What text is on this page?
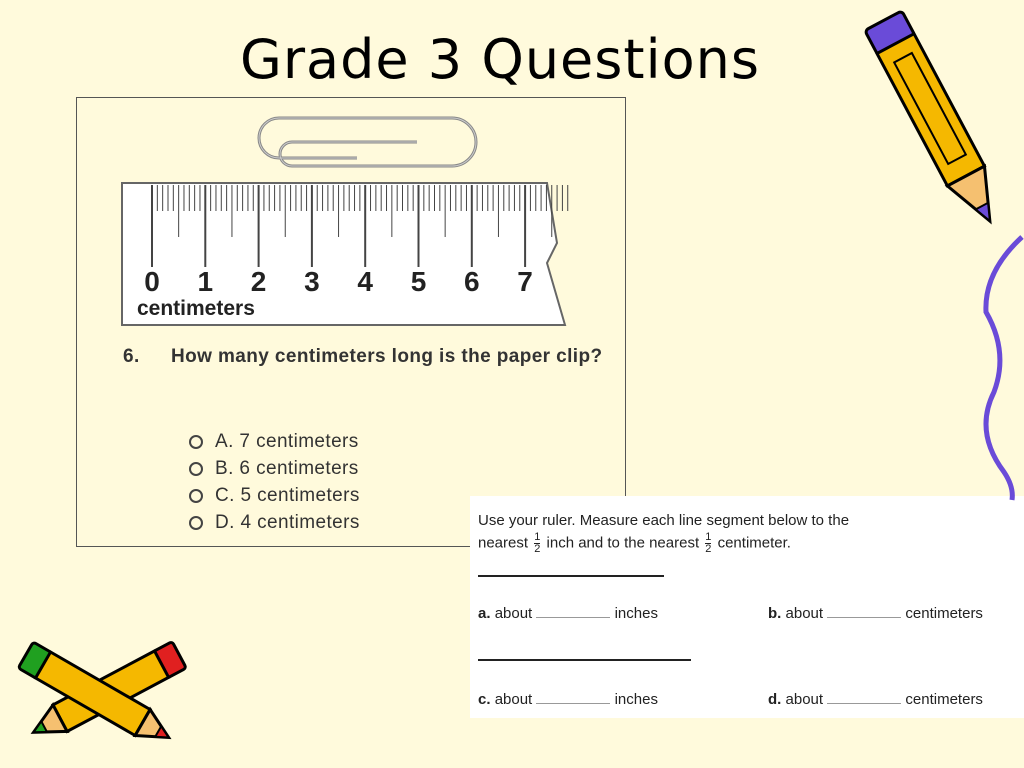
Grade 3 Questions
0 1 2 3 4 5 6 7
centimeters
6. How many centimeters long is the paper clip?
A. 7 centimeters
B. 6 centimeters
C. 5 centimeters
D. 4 centimeters	Use your ruler. Measure each line segment below to the
nearest $\frac{1}{2}$ inch and to the nearest $\frac{1}{2}$ centimeter.
a. about	inches	b. about	centimeters
c. about	inches	d. about	centimeters
